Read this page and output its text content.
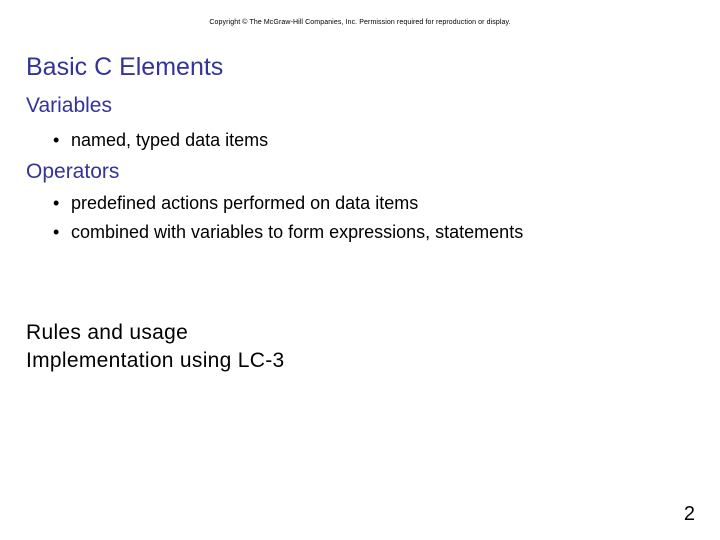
Copyright © The McGraw-Hill Companies, Inc. Permission required for reproduction or display.
Basic C Elements
Variables
• named, typed data items
Operators
• predefined actions performed on data items
• combined with variables to form expressions, statements
Rules and usage
Implementation using LC-3
2
